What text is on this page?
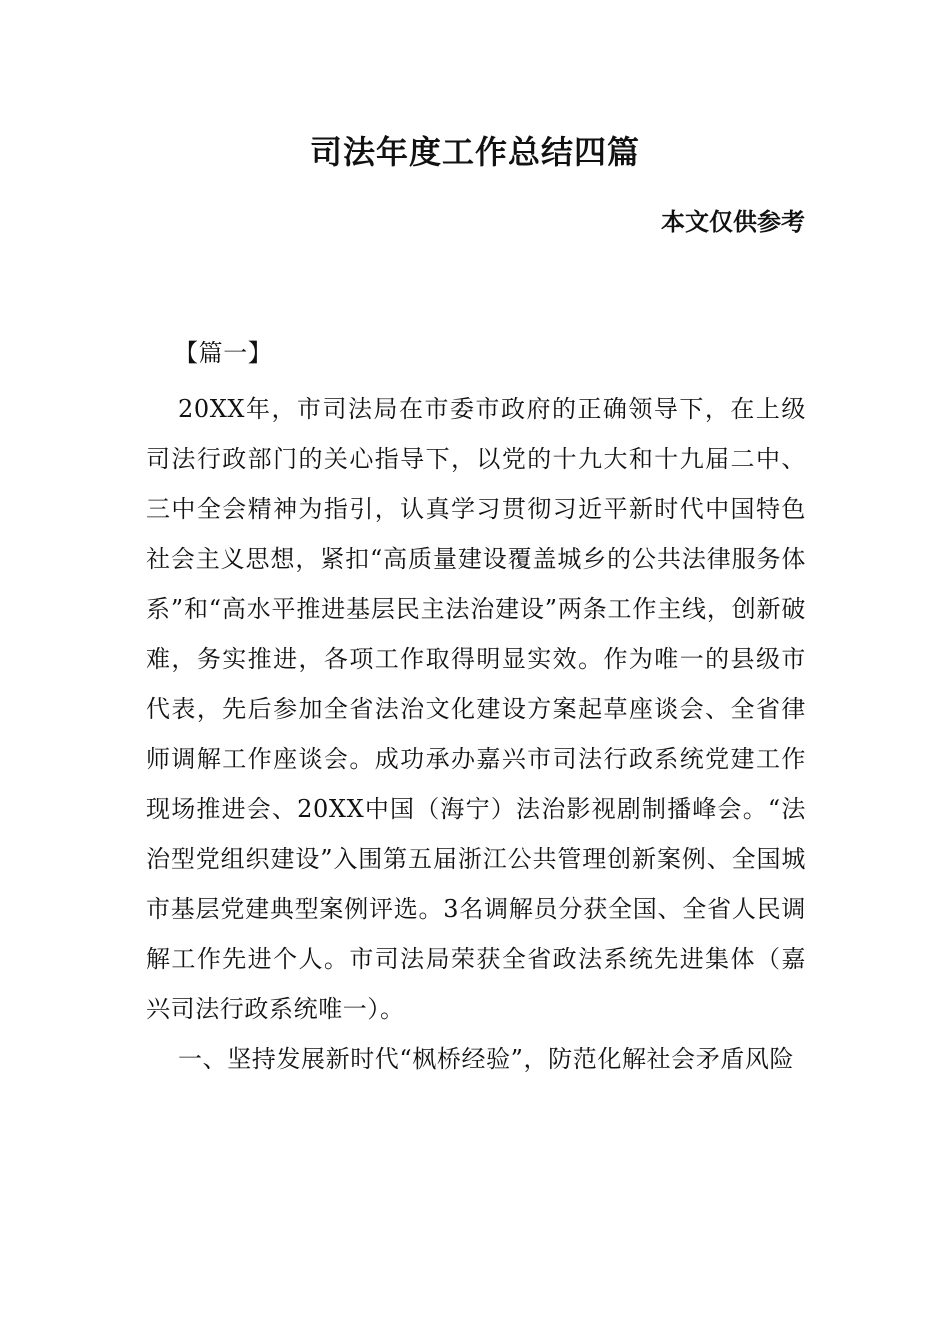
司法年度工作总结四篇
本文仅供参考
【篇一】
20XX年，市司法局在市委市政府的正确领导下，在上级司法行政部门的关心指导下，以党的十九大和十九届二中、三中全会精神为指引，认真学习贯彻习近平新时代中国特色社会主义思想，紧扣“高质量建设覆盖城乡的公共法律服务体系”和“高水平推进基层民主法治建设”两条工作主线，创新破难，务实推进，各项工作取得明显实效。作为唯一的县级市代表，先后参加全省法治文化建设方案起草座谈会、全省律师调解工作座谈会。成功承办嘉兴市司法行政系统党建工作现场推进会、20XX中国（海宁）法治影视剧制播峰会。“法治型党组织建设”入围第五届浙江公共管理创新案例、全国城市基层党建典型案例评选。3名调解员分获全国、全省人民调解工作先进个人。市司法局荣获全省政法系统先进集体（嘉兴司法行政系统唯一）。
一、坚持发展新时代“枫桥经验”，防范化解社会矛盾风险
